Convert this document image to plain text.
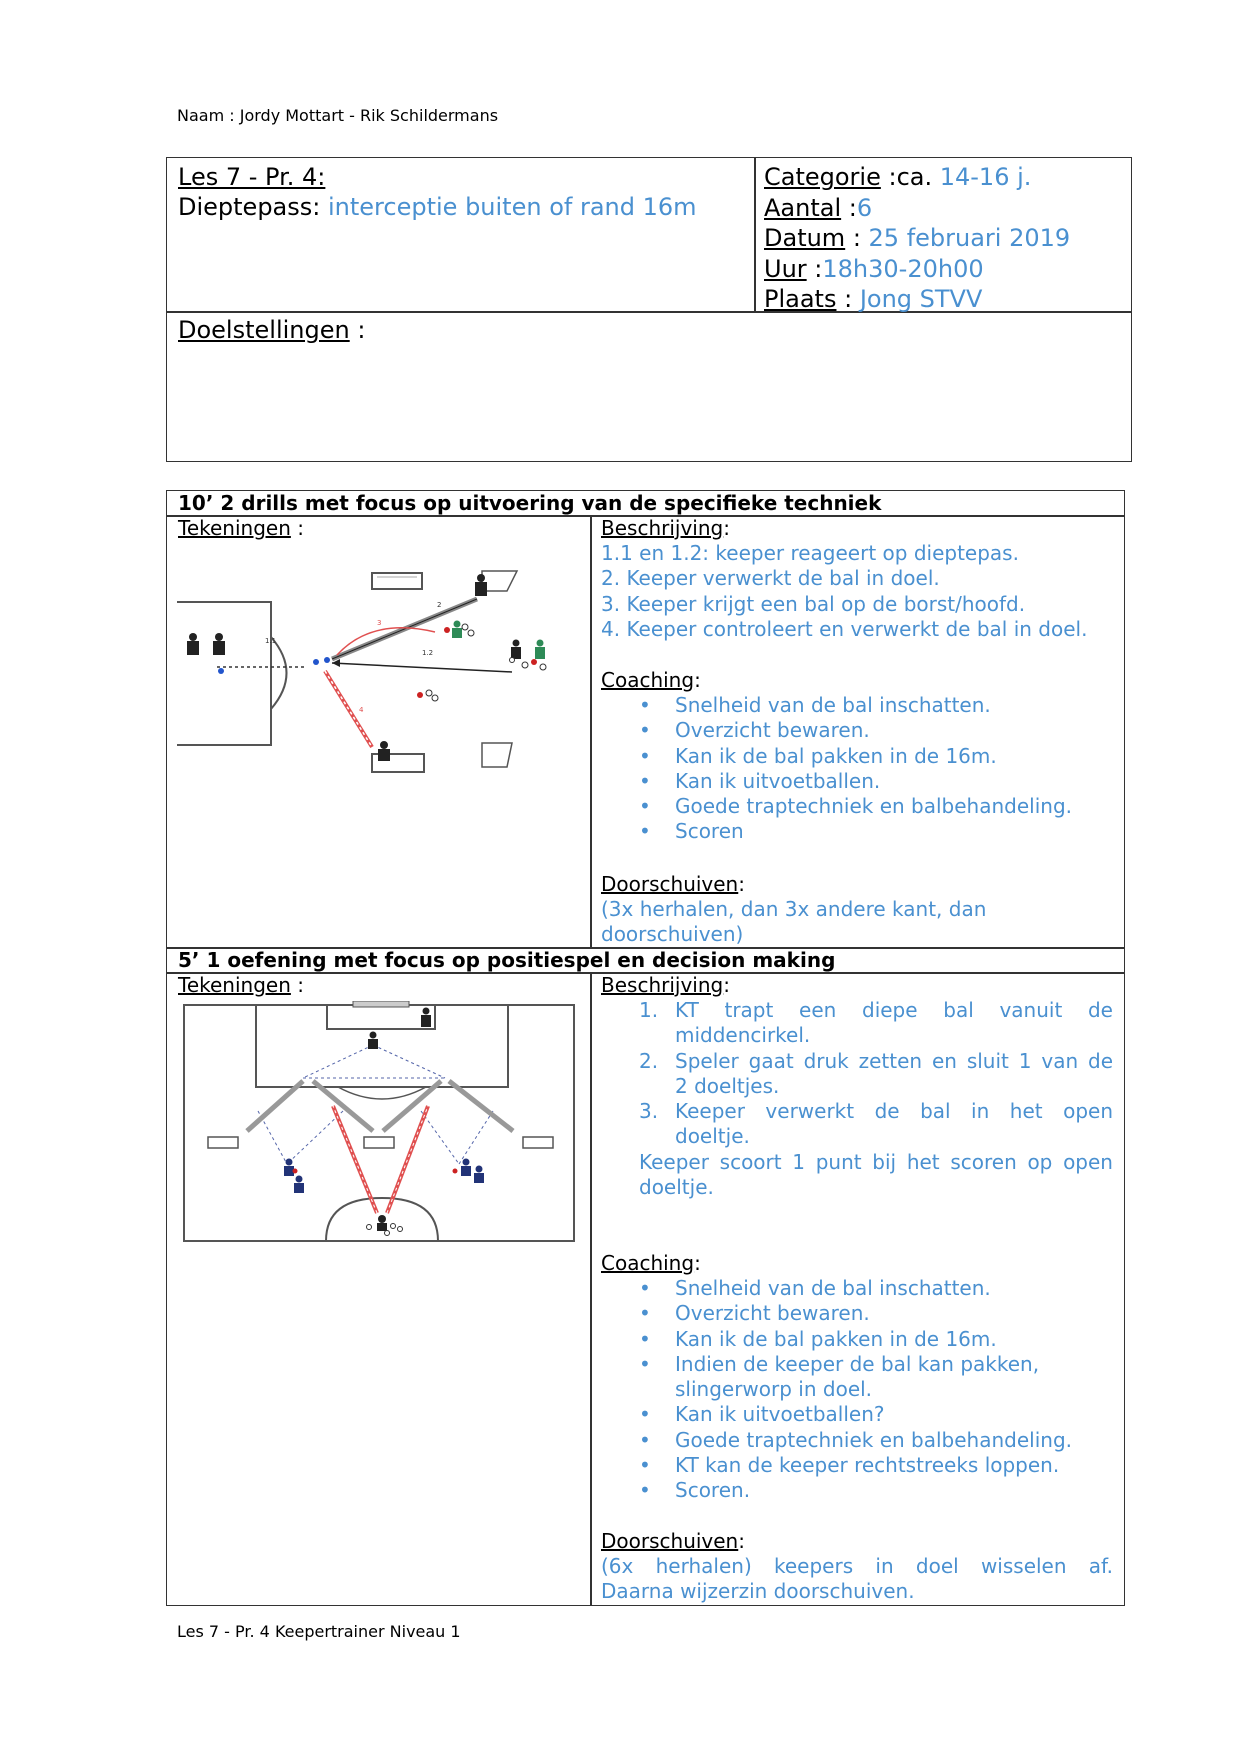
Naam : Jordy Mottart - Rik Schildermans
Les 7 - Pr. 4:
Dieptepass: interceptie buiten of rand 16m
Categorie :ca. 14-16 j.
Aantal :6
Datum : 25 februari 2019
Uur :18h30-20h00
Plaats : Jong STVV
Doelstellingen :
10’ 2 drills met focus op uitvoering van de specifieke techniek
Tekeningen :
1.1
1.2
2
3
4
Beschrijving:
1.1 en 1.2: keeper reageert op dieptepas.
2. Keeper verwerkt de bal in doel.
3. Keeper krijgt een bal op de borst/hoofd.
4. Keeper controleert en verwerkt de bal in doel.
Coaching:
• Snelheid van de bal inschatten.
• Overzicht bewaren.
• Kan ik de bal pakken in de 16m.
• Kan ik uitvoetballen.
• Goede traptechniek en balbehandeling.
• Scoren
Doorschuiven:
(3x herhalen, dan 3x andere kant, dan
doorschuiven)
5’ 1 oefening met focus op positiespel en decision making
Tekeningen :	Beschrijving:
1. KT trapt een diepe bal vanuit de
middencirkel.
2. Speler gaat druk zetten en sluit 1 van de
2 doeltjes.
3. Keeper verwerkt de bal in het open
doeltje.
Keeper scoort 1 punt bij het scoren op open
doeltje.
Coaching:
• Snelheid van de bal inschatten.
• Overzicht bewaren.
• Kan ik de bal pakken in de 16m.
• Indien de keeper de bal kan pakken,
slingerworp in doel.
• Kan ik uitvoetballen?
• Goede traptechniek en balbehandeling.
• KT kan de keeper rechtstreeks loppen.
• Scoren.
Doorschuiven:
(6x herhalen) keepers in doel wisselen af.
Daarna wijzerzin doorschuiven.
Les 7 - Pr. 4 Keepertrainer Niveau 1
